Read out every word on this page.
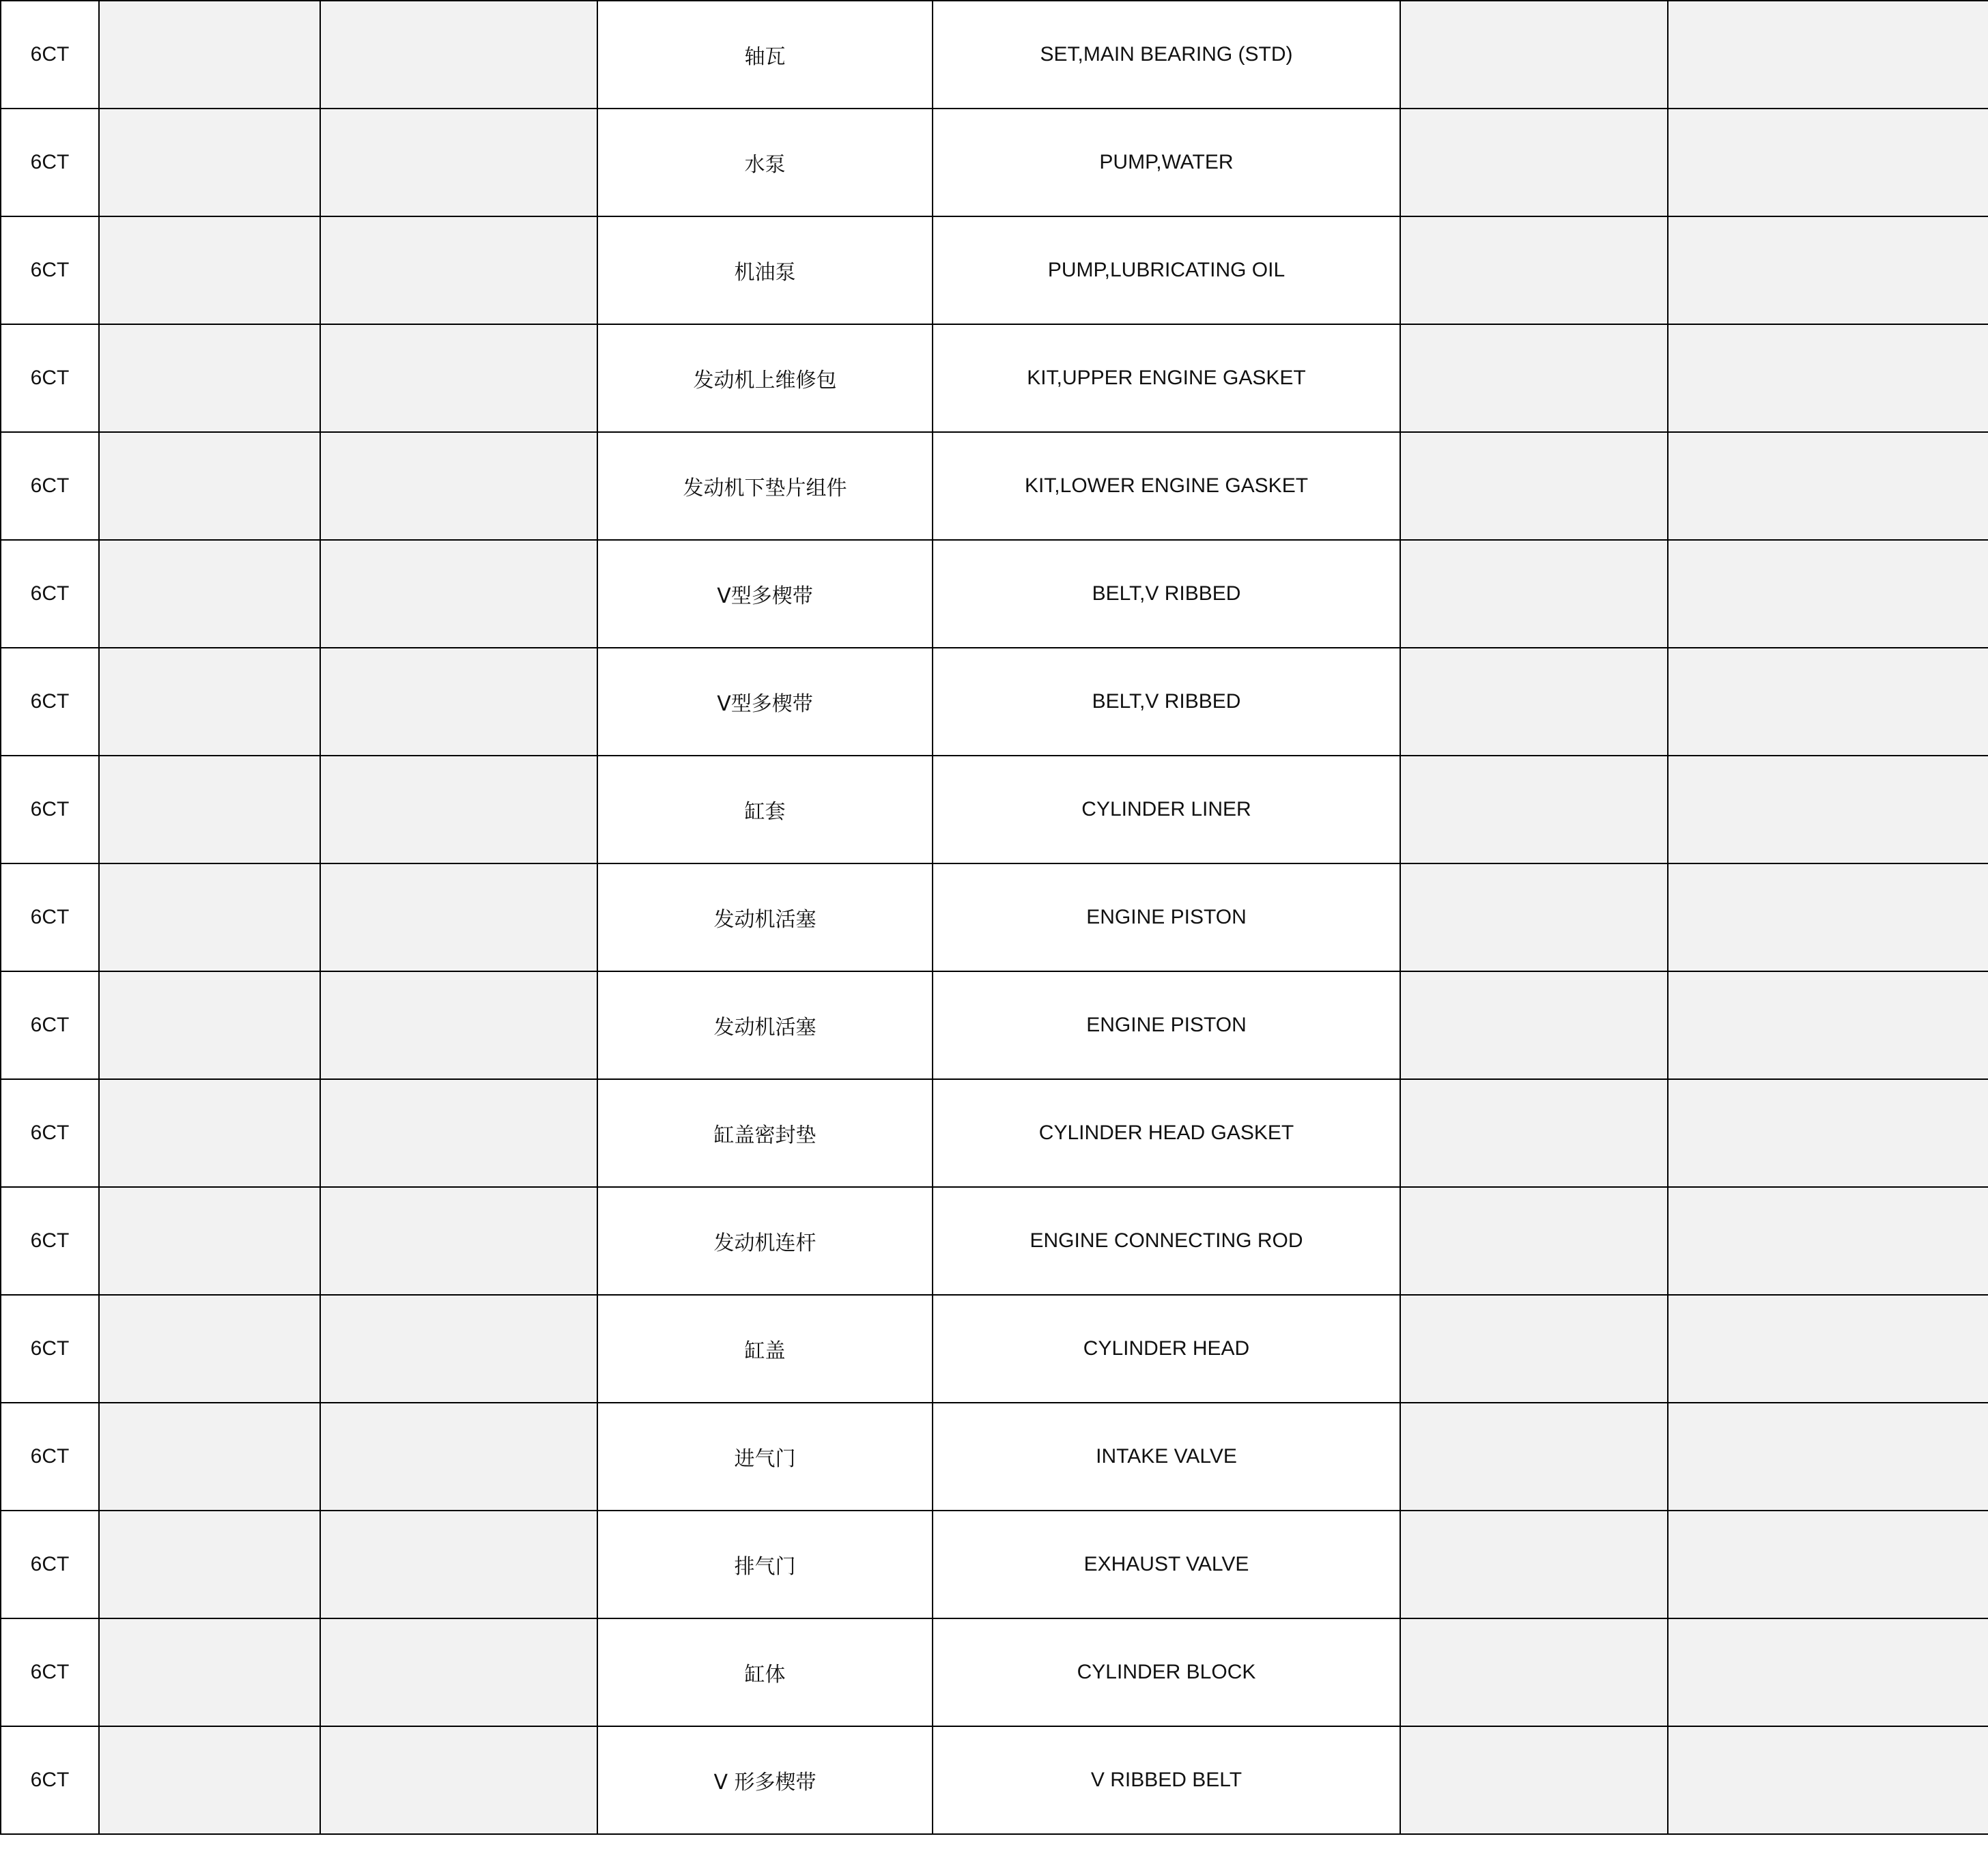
6CT			轴瓦	SET,MAIN BEARING (STD)		
6CT			水泵	PUMP,WATER		
6CT			机油泵	PUMP,LUBRICATING OIL		
6CT			发动机上维修包	KIT,UPPER ENGINE GASKET		
6CT			发动机下垫片组件	KIT,LOWER ENGINE GASKET		
6CT			V型多楔带	BELT,V RIBBED		
6CT			V型多楔带	BELT,V RIBBED		
6CT			缸套	CYLINDER LINER		
6CT			发动机活塞	ENGINE PISTON		
6CT			发动机活塞	ENGINE PISTON		
6CT			缸盖密封垫	CYLINDER HEAD GASKET		
6CT			发动机连杆	ENGINE CONNECTING ROD		
6CT			缸盖	CYLINDER HEAD		
6CT			进气门	INTAKE VALVE		
6CT			排气门	EXHAUST VALVE		
6CT			缸体	CYLINDER BLOCK		
6CT			V 形多楔带	V RIBBED BELT		
